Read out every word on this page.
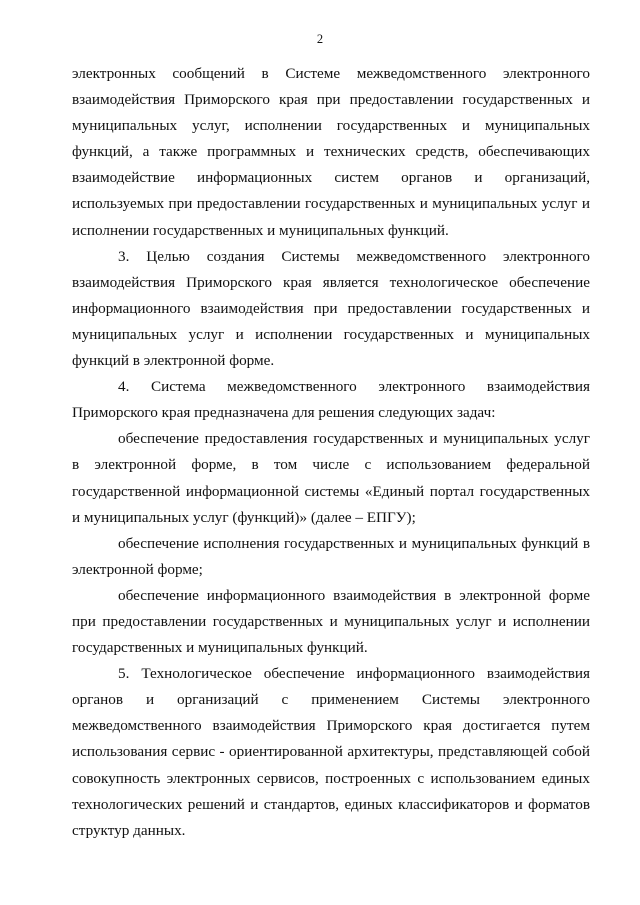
2

электронных сообщений в Системе межведомственного электронного взаимодействия Приморского края при предоставлении государственных и муниципальных услуг, исполнении государственных и муниципальных функций, а также программных и технических средств, обеспечивающих взаимодействие информационных систем органов и организаций, используемых при предоставлении государственных и муниципальных услуг и исполнении государственных и муниципальных функций.

3. Целью создания Системы межведомственного электронного взаимодействия Приморского края является технологическое обеспечение информационного взаимодействия при предоставлении государственных и муниципальных услуг и исполнении государственных и муниципальных функций в электронной форме.

4. Система межведомственного электронного взаимодействия Приморского края предназначена для решения следующих задач:

обеспечение предоставления государственных и муниципальных услуг в электронной форме, в том числе с использованием федеральной государственной информационной системы «Единый портал государственных и муниципальных услуг (функций)» (далее – ЕПГУ);

обеспечение исполнения государственных и муниципальных функций в электронной форме;

обеспечение информационного взаимодействия в электронной форме при предоставлении государственных и муниципальных услуг и исполнении государственных и муниципальных функций.

5. Технологическое обеспечение информационного взаимодействия органов и организаций с применением Системы электронного межведомственного взаимодействия Приморского края достигается путем использования сервис - ориентированной архитектуры, представляющей собой совокупность электронных сервисов, построенных с использованием единых технологических решений и стандартов, единых классификаторов и форматов структур данных.
